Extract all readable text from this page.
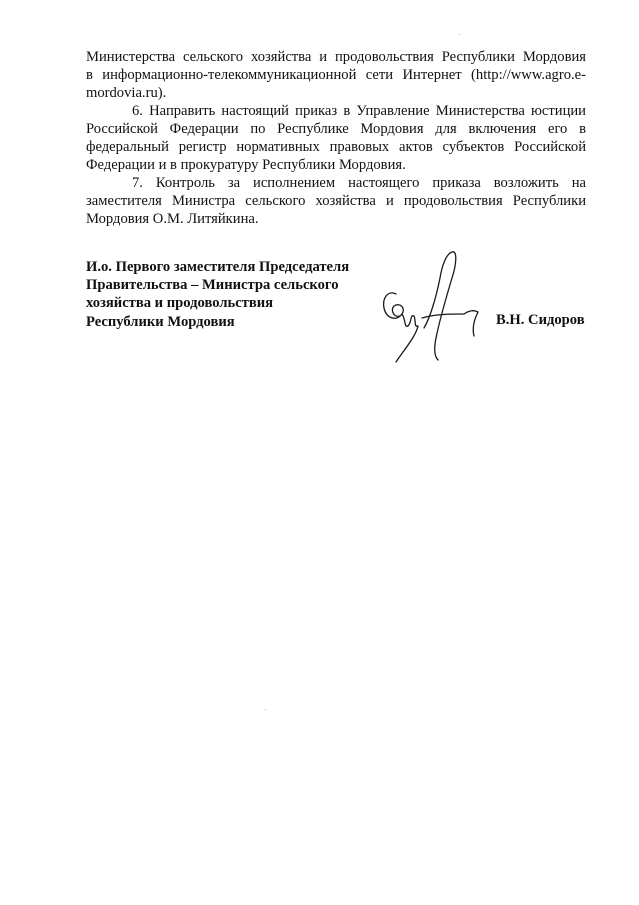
Министерства сельского хозяйства и продовольствия Республики Мордовия
в информационно-телекоммуникационной сети Интернет (http://www.agro.e-
mordovia.ru).

6. Направить настоящий приказ в Управление Министерства юстиции
Российской Федерации по Республике Мордовия для включения его в
федеральный регистр нормативных правовых актов субъектов Российской
Федерации и в прокуратуру Республики Мордовия.

7. Контроль за исполнением настоящего приказа возложить на
заместителя Министра сельского хозяйства и продовольствия Республики
Мордовия О.М. Литяйкина.

И.о. Первого заместителя Председателя
Правительства – Министра сельского
хозяйства и продовольствия
Республики Мордовия	В.Н. Сидоров
